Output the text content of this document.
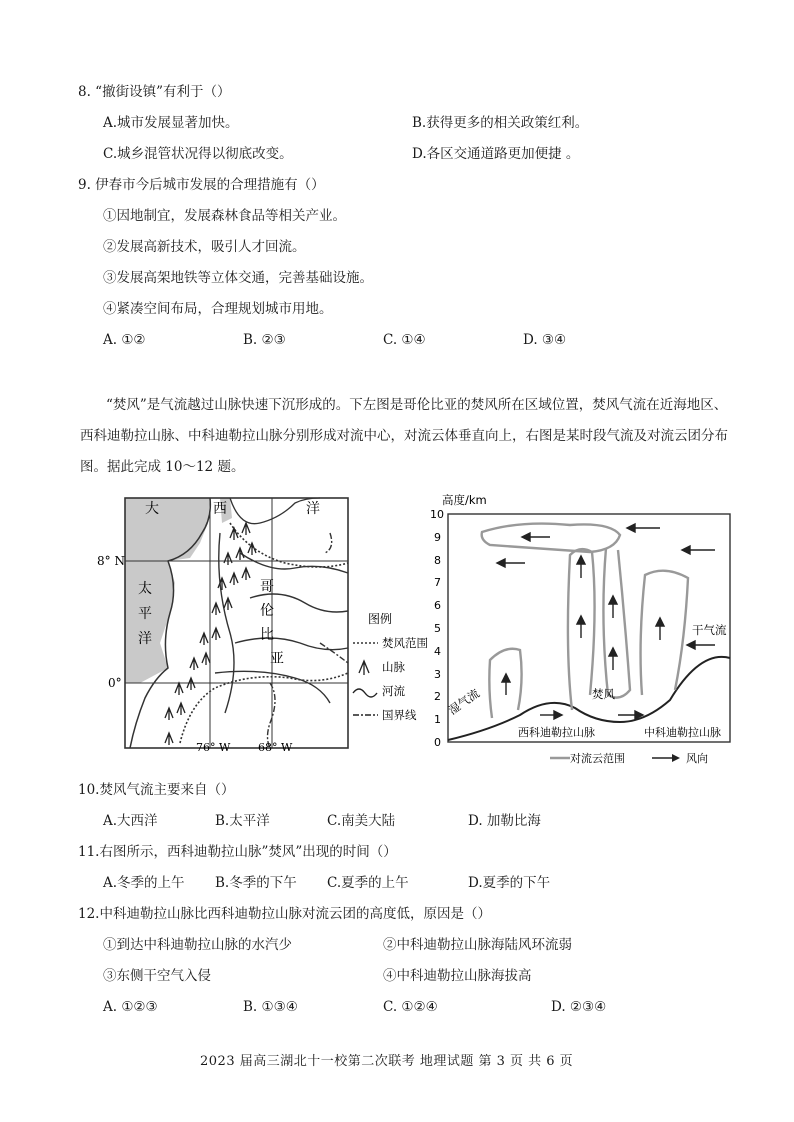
8. “撤街设镇”有利于（）
A.城市发展显著加快。	B.获得更多的相关政策红利。
C.城乡混管状况得以彻底改变。	D.各区交通道路更加便捷 。
9. 伊春市今后城市发展的合理措施有（）
①因地制宜，发展森林食品等相关产业。
②发展高新技术，吸引人才回流。
③发展高架地铁等立体交通，完善基础设施。
④紧凑空间布局，合理规划城市用地。
A. ①②	B. ②③	C. ①④	D. ③④
“焚风”是气流越过山脉快速下沉形成的。下左图是哥伦比亚的焚风所在区域位置，焚风气流在近海地区、西科迪勒拉山脉、中科迪勒拉山脉分别形成对流中心，对流云体垂直向上，右图是某时段气流及对流云团分布图。据此完成 10～12 题。
大	西	洋
太
平
洋
哥
伦
比
亚
8° N
0°
76° W	68° W
图例
焚风范围
山脉
河流
国界线
高度/km
0
1
2
3
4
5
6
7
8
9
10
湿气流	焚风
干气流
西科迪勒拉山脉	中科迪勒拉山脉
对流云范围	风向
10.焚风气流主要来自（）
A.大西洋	B.太平洋	C.南美大陆	D. 加勒比海
11.右图所示，西科迪勒拉山脉”焚风”出现的时间（）
A.冬季的上午 B.冬季的下午 C.夏季的上午	D.夏季的下午
12.中科迪勒拉山脉比西科迪勒拉山脉对流云团的高度低，原因是（）
①到达中科迪勒拉山脉的水汽少	②中科迪勒拉山脉海陆风环流弱
③东侧干空气入侵	④中科迪勒拉山脉海拔高
A. ①②③	B. ①③④	C. ①②④	D. ②③④
2023 届高三湖北十一校第二次联考 地理试题 第 3 页 共 6 页
